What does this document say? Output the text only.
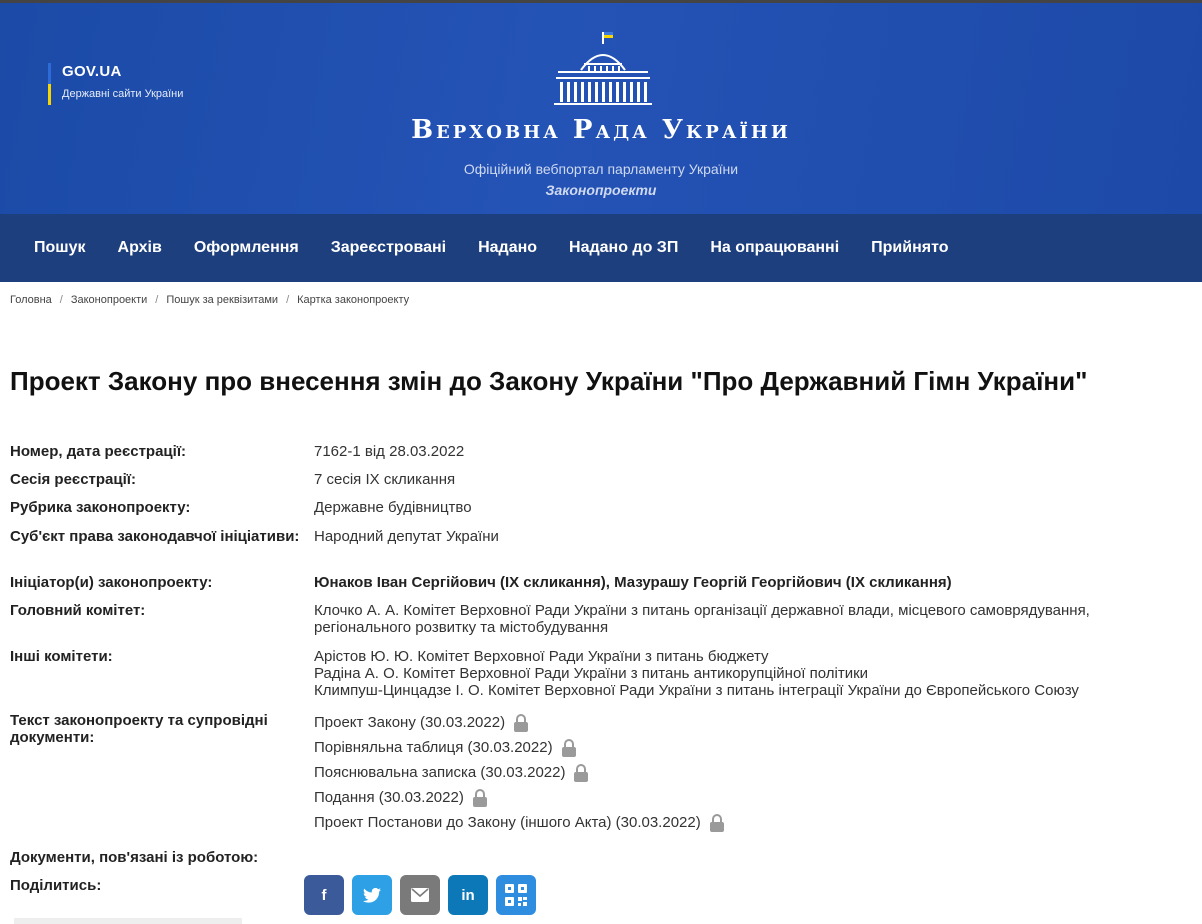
GOV.UA
Державні сайти України
Верховна Рада України
Офіційний вебпортал парламенту України
Законопроекти
Пошук	Архів	Оформлення	Зареєстровані	Надано	Надано до ЗП	На опрацюванні	Прийнято
Головна / Законопроекти / Пошук за реквізитами / Картка законопроекту
Проект Закону про внесення змін до Закону України "Про Державний Гімн України"
Номер, дата реєстрації:	7162-1 від 28.03.2022
Сесія реєстрації:	7 сесія IX скликання
Рубрика законопроекту:	Державне будівництво
Суб'єкт права законодавчої ініціативи: Народний депутат України
Ініціатор(и) законопроекту:	Юнаков Іван Сергійович (IX скликання), Мазурашу Георгій Георгійович (IX скликання)
Головний комітет:	Клочко А. А. Комітет Верховної Ради України з питань організації державної влади, місцевого самоврядування, регіонального розвитку та містобудування
Інші комітети:	Арістов Ю. Ю. Комітет Верховної Ради України з питань бюджету
Радіна А. О. Комітет Верховної Ради України з питань антикорупційної політики
Климпуш-Цинцадзе І. О. Комітет Верховної Ради України з питань інтеграції України до Європейського Союзу
Текст законопроекту та супровідні документи:
Проект Закону (30.03.2022)
Порівняльна таблиця (30.03.2022)
Пояснювальна записка (30.03.2022)
Подання (30.03.2022)
Проект Постанови до Закону (іншого Акта) (30.03.2022)
Документи, пов'язані із роботою:
Поділитись:
f	in
